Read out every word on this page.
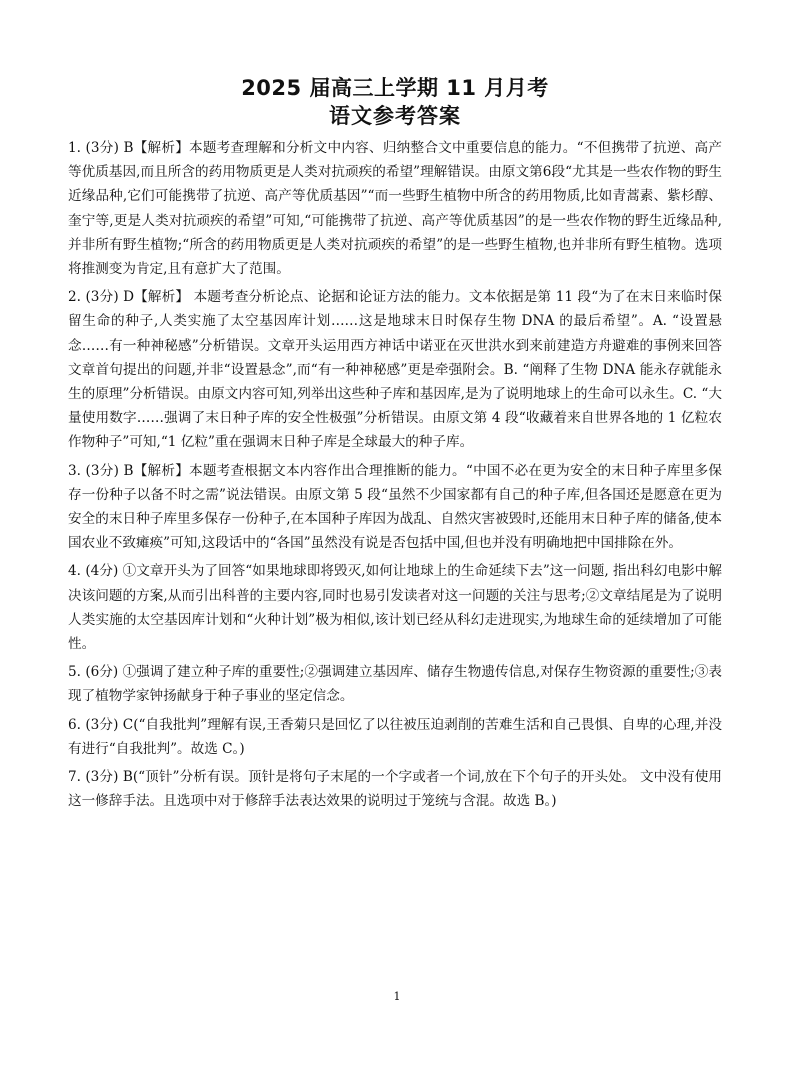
2025 届高三上学期 11 月月考
语文参考答案

1. (3分) B【解析】本题考查理解和分析文中内容、归纳整合文中重要信息的能力。“不但携带了抗逆、高产等优质基因,而且所含的药用物质更是人类对抗顽疾的希望”理解错误。由原文第6段“尤其是一些农作物的野生近缘品种,它们可能携带了抗逆、高产等优质基因”“而一些野生植物中所含的药用物质,比如青蒿素、紫杉醇、奎宁等,更是人类对抗顽疾的希望”可知,“可能携带了抗逆、高产等优质基因”的是一些农作物的野生近缘品种,并非所有野生植物;“所含的药用物质更是人类对抗顽疾的希望”的是一些野生植物,也并非所有野生植物。选项将推测变为肯定,且有意扩大了范围。

2. (3分) D【解析】 本题考查分析论点、论据和论证方法的能力。文本依据是第 11 段“为了在末日来临时保留生命的种子,人类实施了太空基因库计划……这是地球末日时保存生物 DNA 的最后希望”。A. “设置悬念……有一种神秘感”分析错误。文章开头运用西方神话中诺亚在灭世洪水到来前建造方舟避难的事例来回答文章首句提出的问题,并非“设置悬念”,而“有一种神秘感”更是牵强附会。B. “阐释了生物 DNA 能永存就能永生的原理”分析错误。由原文内容可知,列举出这些种子库和基因库,是为了说明地球上的生命可以永生。C. “大量使用数字……强调了末日种子库的安全性极强”分析错误。由原文第 4 段“收藏着来自世界各地的 1 亿粒农作物种子”可知,“1 亿粒”重在强调末日种子库是全球最大的种子库。

3. (3分) B【解析】本题考查根据文本内容作出合理推断的能力。“中国不必在更为安全的末日种子库里多保存一份种子以备不时之需”说法错误。由原文第 5 段“虽然不少国家都有自己的种子库,但各国还是愿意在更为安全的末日种子库里多保存一份种子,在本国种子库因为战乱、自然灾害被毁时,还能用末日种子库的储备,使本国农业不致瘫痪”可知,这段话中的“各国”虽然没有说是否包括中国,但也并没有明确地把中国排除在外。

4. (4分) ①文章开头为了回答“如果地球即将毁灭,如何让地球上的生命延续下去”这一问题, 指出科幻电影中解决该问题的方案,从而引出科普的主要内容,同时也易引发读者对这一问题的关注与思考;②文章结尾是为了说明人类实施的太空基因库计划和“火种计划”极为相似,该计划已经从科幻走进现实,为地球生命的延续增加了可能性。

5. (6分) ①强调了建立种子库的重要性;②强调建立基因库、储存生物遗传信息,对保存生物资源的重要性;③表现了植物学家钟扬献身于种子事业的坚定信念。

6. (3分) C(“自我批判”理解有误,王香菊只是回忆了以往被压迫剥削的苦难生活和自己畏惧、自卑的心理,并没有进行“自我批判”。故选 C。)

7. (3分) B(“顶针”分析有误。顶针是将句子末尾的一个字或者一个词,放在下个句子的开头处。 文中没有使用这一修辞手法。且选项中对于修辞手法表达效果的说明过于笼统与含混。故选 B。)

1
